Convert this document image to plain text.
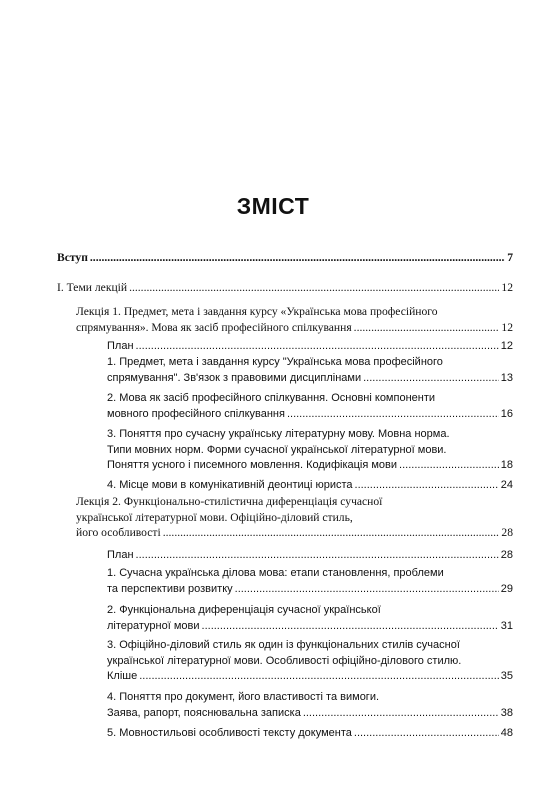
ЗМІСТ
Вступ .....	7
І. Теми лекцій .....	12
Лекція 1. Предмет, мета і завдання курсу «Українська мова професійного
спрямування». Мова як засіб професійного спілкування .....	12
План .....	12
1. Предмет, мета і завдання курсу "Українська мова професійного
спрямування". Зв'язок з правовими дисциплінами .....	13
2. Мова як засіб професійного спілкування. Основні компоненти
мовного професійного спілкування .....	16
3. Поняття про сучасну українську літературну мову. Мовна норма.
Типи мовних норм. Форми сучасної української літературної мови.
Поняття усного і писемного мовлення. Кодифікація мови .....	18
4. Місце мови в комунікативній деонтиці юриста .....	24
Лекція 2. Функціонально-стилістична диференціація сучасної
української літературної мови. Офіційно-діловий стиль,
його особливості .....	28
План .....	28
1. Сучасна українська ділова мова: етапи становлення, проблеми
та перспективи розвитку .....	29
2. Функціональна диференціація сучасної української
літературної мови .....	31
3. Офіційно-діловий стиль як один із функціональних стилів сучасної
української літературної мови. Особливості офіційно-ділового стилю.
Кліше .....	35
4. Поняття про документ, його властивості та вимоги.
Заява, рапорт, пояснювальна записка .....	38
5. Мовностильові особливості тексту документа .....	48
